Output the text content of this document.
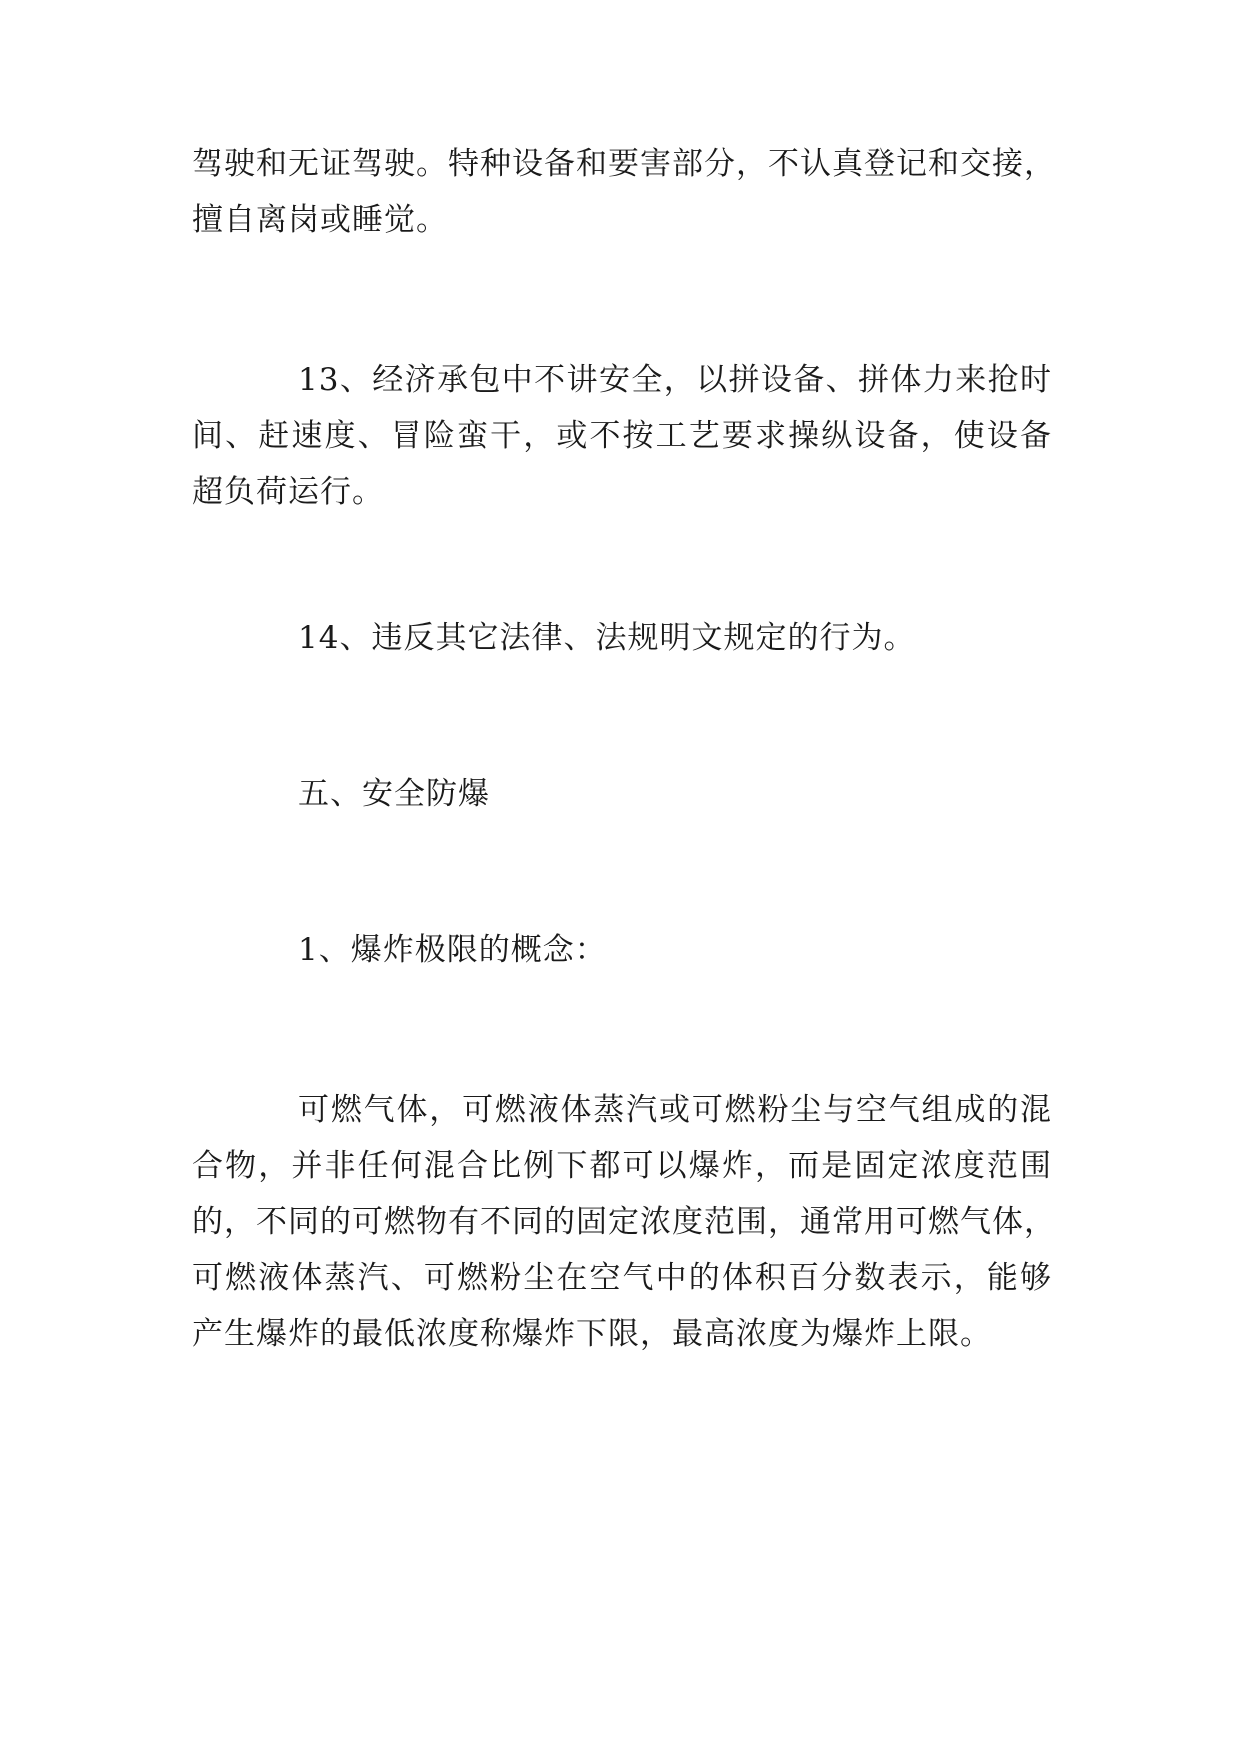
驾驶和无证驾驶。特种设备和要害部分，不认真登记和交接，
擅自离岗或睡觉。
13、经济承包中不讲安全，以拼设备、拼体力来抢时
间、赶速度、冒险蛮干，或不按工艺要求操纵设备，使设备
超负荷运行。
14、违反其它法律、法规明文规定的行为。
五、安全防爆
1、爆炸极限的概念：
可燃气体，可燃液体蒸汽或可燃粉尘与空气组成的混
合物，并非任何混合比例下都可以爆炸，而是固定浓度范围
的，不同的可燃物有不同的固定浓度范围，通常用可燃气体，
可燃液体蒸汽、可燃粉尘在空气中的体积百分数表示，能够
产生爆炸的最低浓度称爆炸下限，最高浓度为爆炸上限。
